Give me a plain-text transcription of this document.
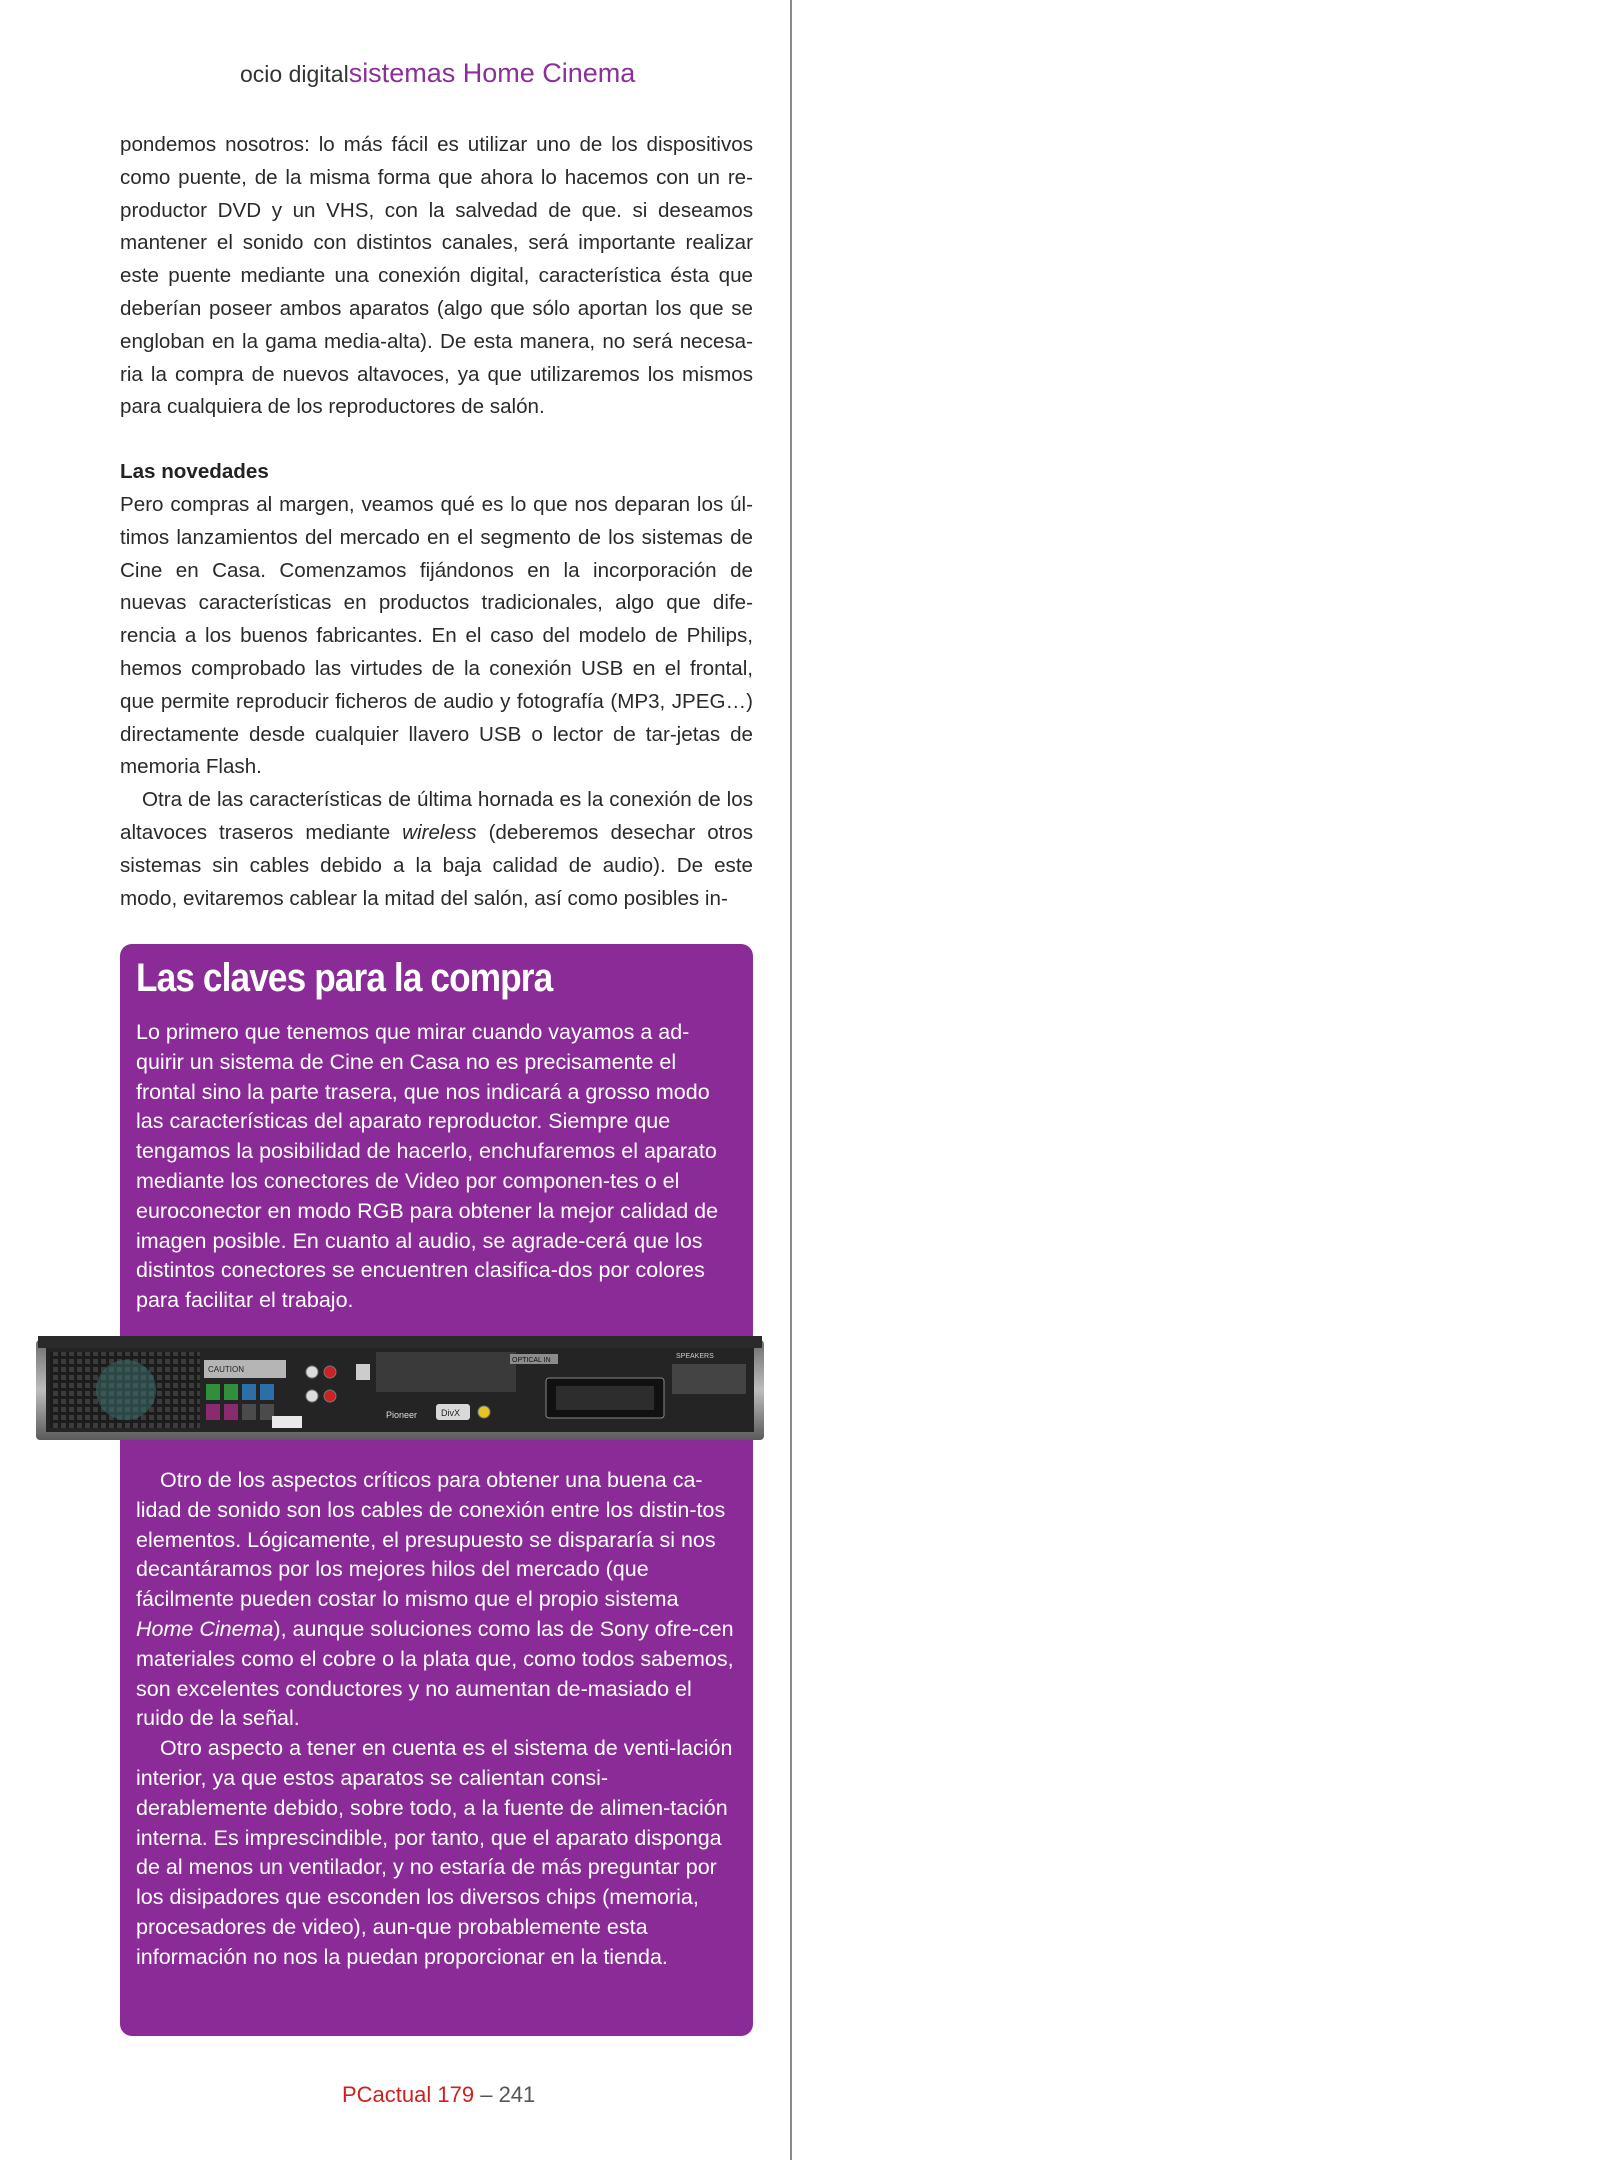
ocio digitalsistemas Home Cinema

pondemos nosotros: lo más fácil es utilizar uno de los dispositivos como puente, de la misma forma que ahora lo hacemos con un re-productor DVD y un VHS, con la salvedad de que. si deseamos mantener el sonido con distintos canales, será importante realizar este puente mediante una conexión digital, característica ésta que deberían poseer ambos aparatos (algo que sólo aportan los que se engloban en la gama media-alta). De esta manera, no será necesa-ria la compra de nuevos altavoces, ya que utilizaremos los mismos para cualquiera de los reproductores de salón.

Las novedades

Pero compras al margen, veamos qué es lo que nos deparan los úl-timos lanzamientos del mercado en el segmento de los sistemas de Cine en Casa. Comenzamos fijándonos en la incorporación de nuevas características en productos tradicionales, algo que dife-rencia a los buenos fabricantes. En el caso del modelo de Philips, hemos comprobado las virtudes de la conexión USB en el frontal, que permite reproducir ficheros de audio y fotografía (MP3, JPEG…) directamente desde cualquier llavero USB o lector de tar-jetas de memoria Flash.

Otra de las características de última hornada es la conexión de los altavoces traseros mediante wireless (deberemos desechar otros sistemas sin cables debido a la baja calidad de audio). De este modo, evitaremos cablear la mitad del salón, así como posibles in-

Las claves para la compra

Lo primero que tenemos que mirar cuando vayamos a ad-quirir un sistema de Cine en Casa no es precisamente el frontal sino la parte trasera, que nos indicará a grosso modo las características del aparato reproductor. Siempre que tengamos la posibilidad de hacerlo, enchufaremos el aparato mediante los conectores de Video por componen-tes o el euroconector en modo RGB para obtener la mejor calidad de imagen posible. En cuanto al audio, se agrade-cerá que los distintos conectores se encuentren clasifica-dos por colores para facilitar el trabajo.

Otro de los aspectos críticos para obtener una buena ca-lidad de sonido son los cables de conexión entre los distin-tos elementos. Lógicamente, el presupuesto se dispararía si nos decantáramos por los mejores hilos del mercado (que fácilmente pueden costar lo mismo que el propio sistema Home Cinema), aunque soluciones como las de Sony ofre-cen materiales como el cobre o la plata que, como todos sabemos, son excelentes conductores y no aumentan de-masiado el ruido de la señal.

Otro aspecto a tener en cuenta es el sistema de venti-lación interior, ya que estos aparatos se calientan consi-derablemente debido, sobre todo, a la fuente de alimen-tación interna. Es imprescindible, por tanto, que el aparato disponga de al menos un ventilador, y no estaría de más preguntar por los disipadores que esconden los diversos chips (memoria, procesadores de video), aun-que probablemente esta información no nos la puedan proporcionar en la tienda.

CAUTION
Pioneer	DivX
OPTICAL IN
SPEAKERS
PCactual 179 – 241
